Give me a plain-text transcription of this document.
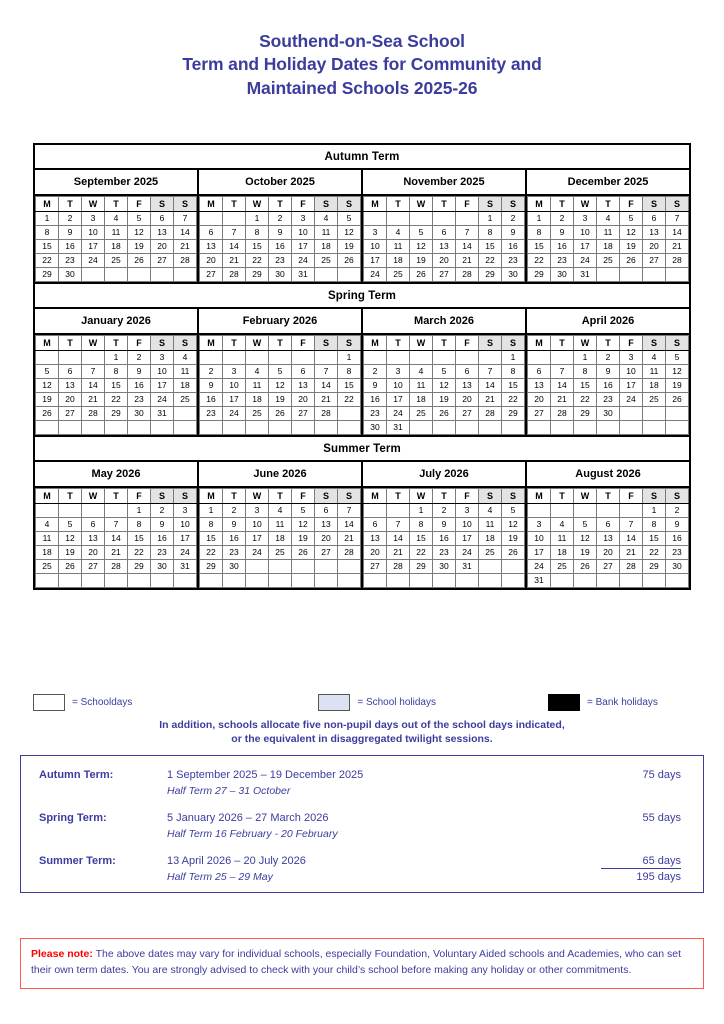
Southend-on-Sea School
Term and Holiday Dates for Community and
Maintained Schools 2025-26
Autumn Term
September 2025
M	T	W	T	F	S	S
1	2	3	4	5	6	7
8	9	10	11	12	13	14
15	16	17	18	19	20	21
22	23	24	25	26	27	28
29	30					
October 2025
M	T	W	T	F	S	S
		1	2	3	4	5
6	7	8	9	10	11	12
13	14	15	16	17	18	19
20	21	22	23	24	25	26
27	28	29	30	31		
November 2025
M	T	W	T	F	S	S
					1	2
3	4	5	6	7	8	9
10	11	12	13	14	15	16
17	18	19	20	21	22	23
24	25	26	27	28	29	30
December 2025
M	T	W	T	F	S	S
1	2	3	4	5	6	7
8	9	10	11	12	13	14
15	16	17	18	19	20	21
22	23	24	25	26	27	28
29	30	31				
Spring Term
January 2026
M	T	W	T	F	S	S
			1	2	3	4
5	6	7	8	9	10	11
12	13	14	15	16	17	18
19	20	21	22	23	24	25
26	27	28	29	30	31	

February 2026
M	T	W	T	F	S	S
						1
2	3	4	5	6	7	8
9	10	11	12	13	14	15
16	17	18	19	20	21	22
23	24	25	26	27	28	

March 2026
M	T	W	T	F	S	S
						1
2	3	4	5	6	7	8
9	10	11	12	13	14	15
16	17	18	19	20	21	22
23	24	25	26	27	28	29
30	31					
April 2026
M	T	W	T	F	S	S
		1	2	3	4	5
6	7	8	9	10	11	12
13	14	15	16	17	18	19
20	21	22	23	24	25	26
27	28	29	30			

Summer Term
May 2026
M	T	W	T	F	S	S
				1	2	3
4	5	6	7	8	9	10
11	12	13	14	15	16	17
18	19	20	21	22	23	24
25	26	27	28	29	30	31

June 2026
M	T	W	T	F	S	S
1	2	3	4	5	6	7
8	9	10	11	12	13	14
15	16	17	18	19	20	21
22	23	24	25	26	27	28
29	30					

July 2026
M	T	W	T	F	S	S
		1	2	3	4	5
6	7	8	9	10	11	12
13	14	15	16	17	18	19
20	21	22	23	24	25	26
27	28	29	30	31		

August 2026
M	T	W	T	F	S	S
					1	2
3	4	5	6	7	8	9
10	11	12	13	14	15	16
17	18	19	20	21	22	23
24	25	26	27	28	29	30
31						
= Schooldays	= School holidays	= Bank holidays
In addition, schools allocate five non-pupil days out of the school days indicated,
or the equivalent in disaggregated twilight sessions.
Autumn Term:	1 September 2025 – 19 December 2025
Half Term 27 – 31 October
75 days
Spring Term:	5 January 2026 – 27 March 2026
Half Term 16 February - 20 February
55 days
Summer Term:	13 April 2026 – 20 July 2026
Half Term 25 – 29 May
65 days
195 days
Please note: The above dates may vary for individual schools, especially Foundation, Voluntary Aided schools and Academies, who can set their own term dates. You are strongly advised to check with your child’s school before making any holiday or other commitments.
